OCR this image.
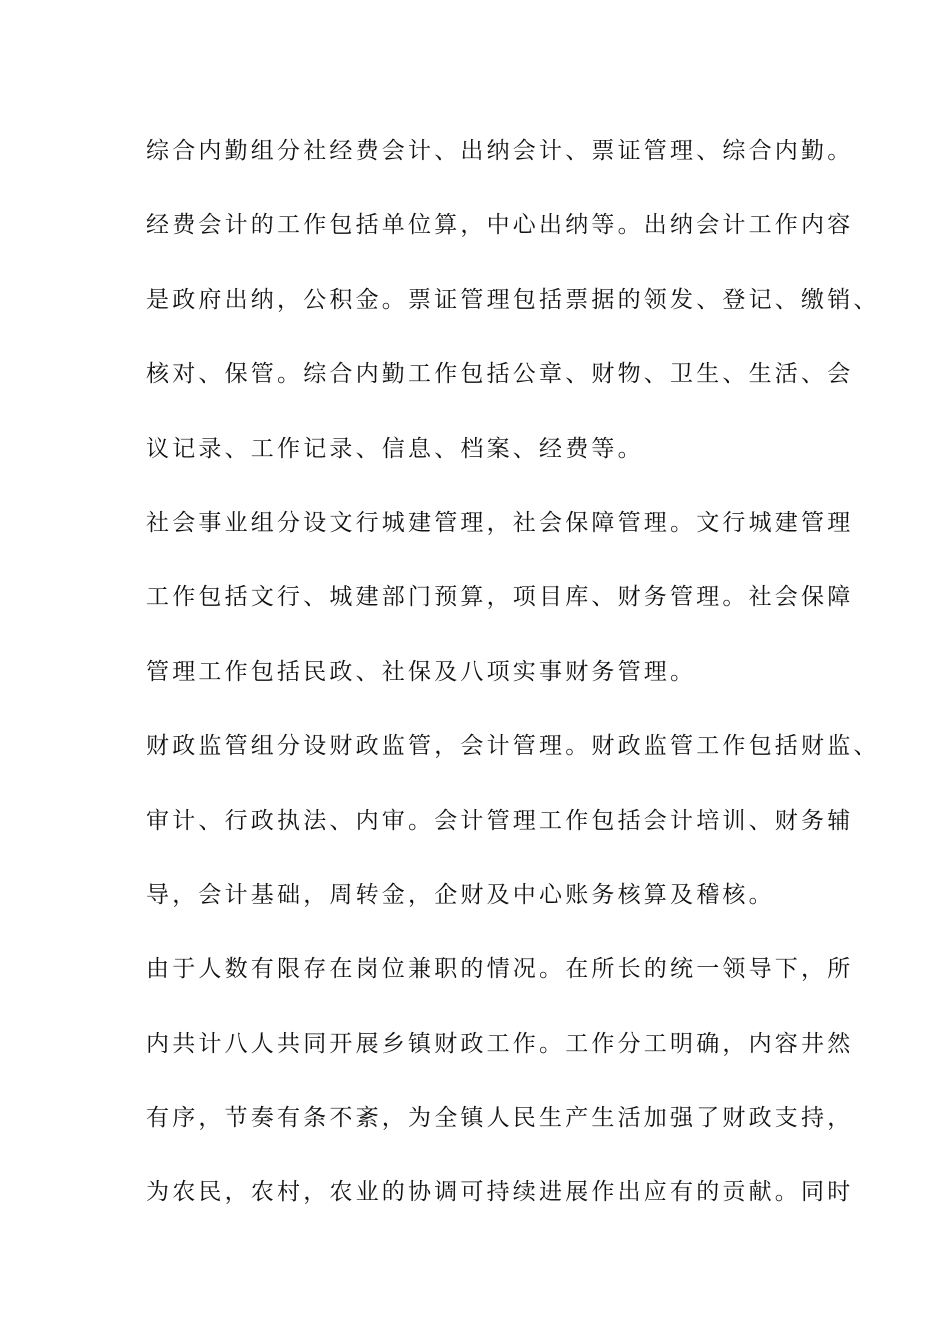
综合内勤组分社经费会计、出纳会计、票证管理、综合内勤。
经费会计的工作包括单位算，中心出纳等。出纳会计工作内容
是政府出纳，公积金。票证管理包括票据的领发、登记、缴销、
核对、保管。综合内勤工作包括公章、财物、卫生、生活、会
议记录、工作记录、信息、档案、经费等。
社会事业组分设文行城建管理，社会保障管理。文行城建管理
工作包括文行、城建部门预算，项目库、财务管理。社会保障
管理工作包括民政、社保及八项实事财务管理。
财政监管组分设财政监管，会计管理。财政监管工作包括财监、
审计、行政执法、内审。会计管理工作包括会计培训、财务辅
导，会计基础，周转金，企财及中心账务核算及稽核。
由于人数有限存在岗位兼职的情况。在所长的统一领导下，所
内共计八人共同开展乡镇财政工作。工作分工明确，内容井然
有序，节奏有条不紊，为全镇人民生产生活加强了财政支持，
为农民，农村，农业的协调可持续进展作出应有的贡献。同时
